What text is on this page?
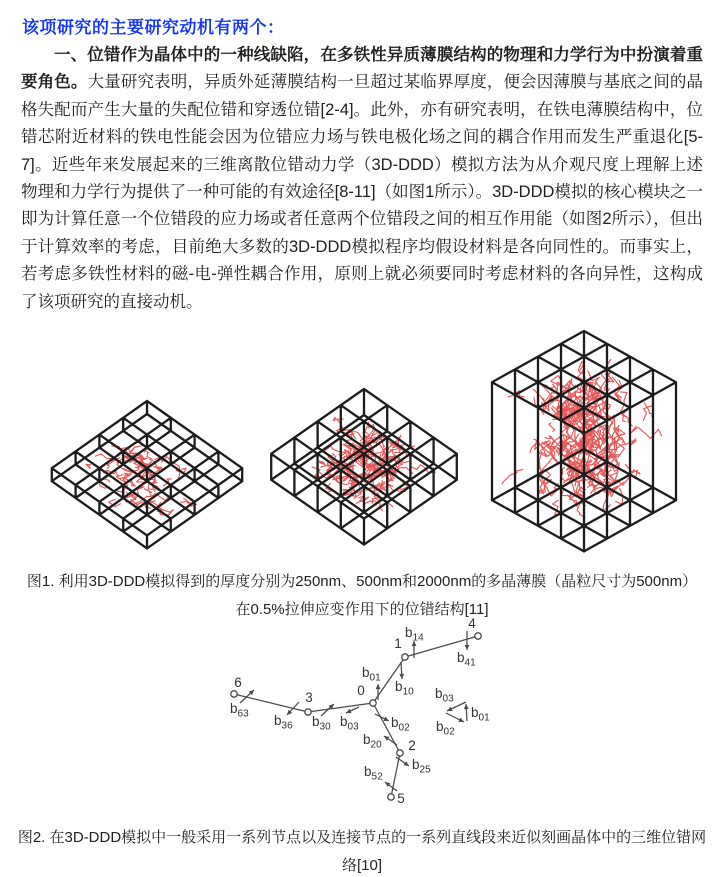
该项研究的主要研究动机有两个：

一、位错作为晶体中的一种线缺陷，在多铁性异质薄膜结构的物理和力学行为中扮演着重要角色。大量研究表明，异质外延薄膜结构一旦超过某临界厚度，便会因薄膜与基底之间的晶格失配而产生大量的失配位错和穿透位错[2-4]。此外，亦有研究表明，在铁电薄膜结构中，位错芯附近材料的铁电性能会因为位错应力场与铁电极化场之间的耦合作用而发生严重退化[5-7]。近些年来发展起来的三维离散位错动力学（3D-DDD）模拟方法为从介观尺度上理解上述物理和力学行为提供了一种可能的有效途径[8-11]（如图1所示）。3D-DDD模拟的核心模块之一即为计算任意一个位错段的应力场或者任意两个位错段之间的相互作用能（如图2所示），但出于计算效率的考虑，目前绝大多数的3D-DDD模拟程序均假设材料是各向同性的。而事实上，若考虑多铁性材料的磁-电-弹性耦合作用，原则上就必须要同时考虑材料的各向异性，这构成了该项研究的直接动机。

图1. 利用3D-DDD模拟得到的厚度分别为250nm、500nm和2000nm的多晶薄膜（晶粒尺寸为500nm）
在0.5%拉伸应变作用下的位错结构[11]
$b_{63}$ $b_{36}$ $b_{30}$ $b_{03}$
$b_{01}$
$b_{10}$
$b_{14}$
$b_{41}$
$b_{02}$
$b_{20}$
$b_{25}$
$b_{52}$
$b_{03}$
$b_{01}$
$b_{02}$
0
1
2
3
4
5
6
图2. 在3D-DDD模拟中一般采用一系列节点以及连接节点的一系列直线段来近似刻画晶体中的三维位错网
络[10]
